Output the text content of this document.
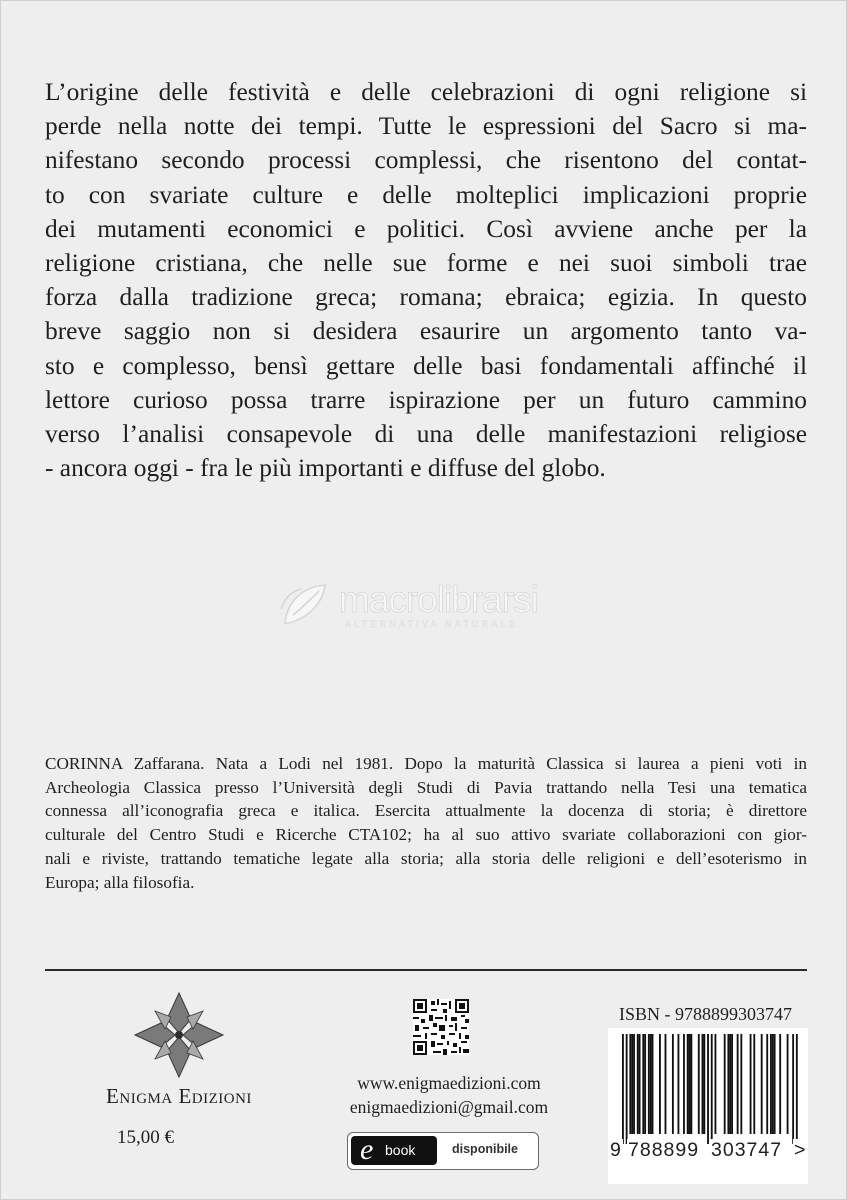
L’origine delle festività e delle celebrazioni di ogni religione si
perde nella notte dei tempi. Tutte le espressioni del Sacro si ma-
nifestano secondo processi complessi, che risentono del contat-
to con svariate culture e delle molteplici implicazioni proprie
dei mutamenti economici e politici. Così avviene anche per la
religione cristiana, che nelle sue forme e nei suoi simboli trae
forza dalla tradizione greca; romana; ebraica; egizia. In questo
breve saggio non si desidera esaurire un argomento tanto va-
sto e complesso, bensì gettare delle basi fondamentali affinché il
lettore curioso possa trarre ispirazione per un futuro cammino
verso l’analisi consapevole di una delle manifestazioni religiose
- ancora oggi - fra le più importanti e diffuse del globo.
macrolibrarsi
ALTERNATIVA NATURALE
CORINNA Zaffarana. Nata a Lodi nel 1981. Dopo la maturità Classica si laurea a pieni voti in
Archeologia Classica presso l’Università degli Studi di Pavia trattando nella Tesi una tematica
connessa all’iconografia greca e italica. Esercita attualmente la docenza di storia; è direttore
culturale del Centro Studi e Ricerche CTA102; ha al suo attivo svariate collaborazioni con gior-
nali e riviste, trattando tematiche legate alla storia; alla storia delle religioni e dell’esoterismo in
Europa; alla filosofia.
Enigma Edizioni
15,00 €
www.enigmaedizioni.com
enigmaedizioni@gmail.com
e book	disponibile
ISBN - 9788899303747
9 788899 303747 >
